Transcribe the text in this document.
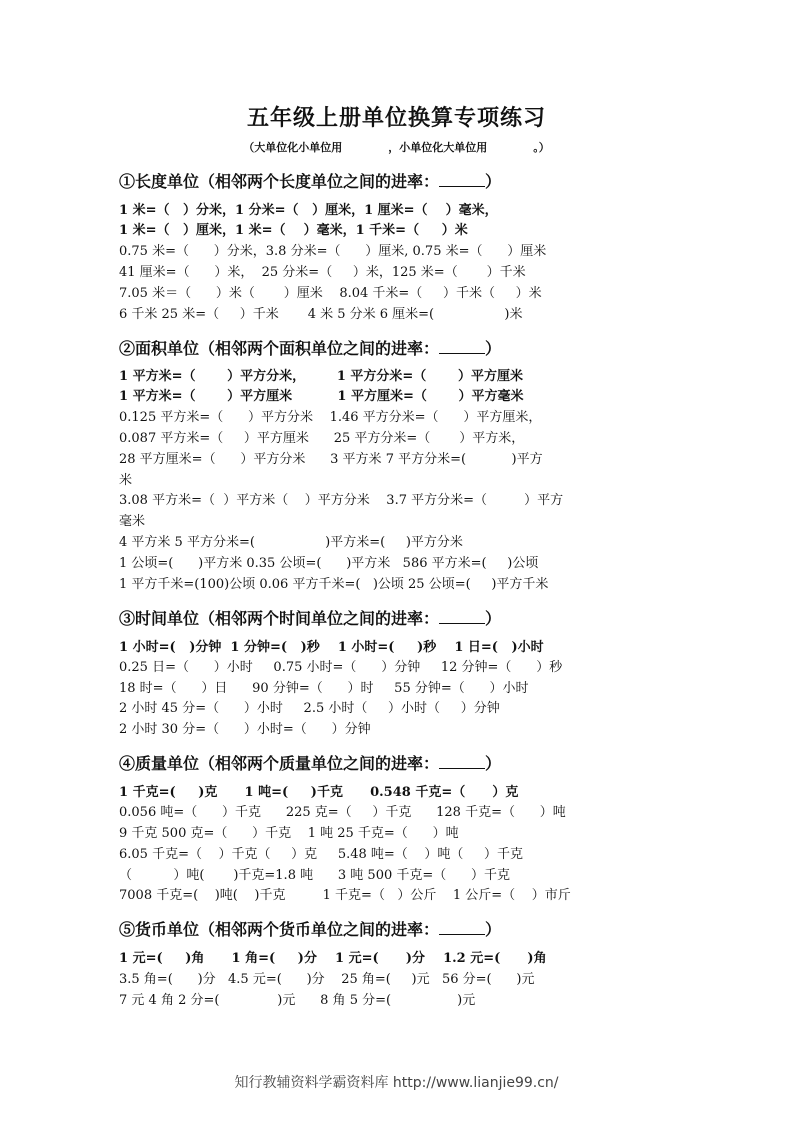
五年级上册单位换算专项练习
（大单位化小单位用            ，小单位化大单位用            。）
①长度单位（相邻两个长度单位之间的进率：	）
1 米=（   ）分米，1 分米=（   ）厘米，1 厘米=（    ）毫米，
1 米=（   ）厘米，1 米=（    ）毫米，1 千米=（     ）米
0.75 米=（      ）分米，3.8 分米=（      ）厘米, 0.75 米=（      ）厘米
41 厘米=（      ）米，  25 分米=（     ）米，125 米=（       ）千米
7.05 米＝（      ）米（       ）厘米    8.04 千米=（     ）千米（     ）米
6 千米 25 米=（     ）千米       4 米 5 分米 6 厘米=(                 )米
②面积单位（相邻两个面积单位之间的进率：	）
1 平方米=（       ）平方分米，       1 平方分米=（       ）平方厘米
1 平方米=（       ）平方厘米          1 平方厘米=（       ）平方毫米
0.125 平方米=（      ）平方分米    1.46 平方分米=（      ）平方厘米，
0.087 平方米=（     ）平方厘米      25 平方分米=（       ）平方米，
28 平方厘米=（      ）平方分米      3 平方米 7 平方分米=(           )平方
米
3.08 平方米=（  ）平方米（    ）平方分米    3.7 平方分米=（         ）平方
毫米
4 平方米 5 平方分米=(                 )平方米=(     )平方分米
1 公顷=(      )平方米 0.35 公顷=(      )平方米   586 平方米=(     )公顷
1 平方千米=(100)公顷 0.06 平方千米=(   )公顷 25 公顷=(     )平方千米
③时间单位（相邻两个时间单位之间的进率：	）
1 小时=(   )分钟  1 分钟=(   )秒    1 小时=(     )秒    1 日=(   )小时
0.25 日=（      ）小时     0.75 小时=（      ）分钟     12 分钟=（      ）秒
18 时=（      ）日      90 分钟=（      ）时     55 分钟=（      ）小时
2 小时 45 分=（      ）小时     2.5 小时（     ）小时（     ）分钟
2 小时 30 分=（      ）小时=（      ）分钟
④质量单位（相邻两个质量单位之间的进率：	）
1 千克=(     )克      1 吨=(     )千克      0.548 千克=（      ）克
0.056 吨=（      ）千克      225 克=（     ）千克      128 千克=（      ）吨
9 千克 500 克=（      ）千克    1 吨 25 千克=（      ）吨
6.05 千克=（    ）千克（     ）克     5.48 吨=（    ）吨（     ）千克
（          ）吨(       )千克=1.8 吨      3 吨 500 千克=（      ）千克
7008 千克=(    )吨(    )千克         1 千克=（   ）公斤    1 公斤=（    ）市斤
⑤货币单位（相邻两个货币单位之间的进率：	）
1 元=(     )角      1 角=(     )分    1 元=(      )分    1.2 元=(      )角
3.5 角=(      )分   4.5 元=(      )分    25 角=(     )元   56 分=(      )元
7 元 4 角 2 分=(              )元      8 角 5 分=(                )元
知行教辅资料学霸资料库 http://www.lianjie99.cn/
